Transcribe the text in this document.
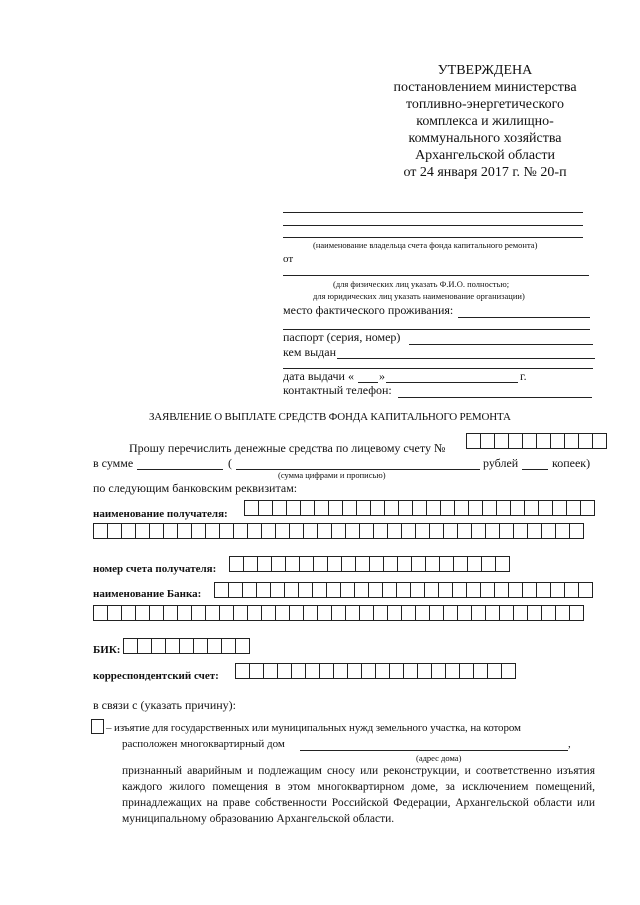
УТВЕРЖДЕНА
постановлением министерства
топливно-энергетического
комплекса и жилищно-
коммунального хозяйства
Архангельской области
от 24 января 2017 г. № 20-п
(наименование владельца счета фонда капитального ремонта)
от
(для физических лиц указать Ф.И.О. полностью;
для юридических лиц указать наименование организации)
место фактического проживания:
паспорт (серия, номер)
кем выдан
дата выдачи « »	г.
контактный телефон:
ЗАЯВЛЕНИЕ О ВЫПЛАТЕ СРЕДСТВ ФОНДА КАПИТАЛЬНОГО РЕМОНТА
Прошу перечислить денежные средства по лицевому счету №
в сумме	(	рублей	копеек)
(сумма цифрами и прописью)
по следующим банковским реквизитам:
наименование получателя:
номер счета получателя:
наименование Банка:
БИК:
корреспондентский счет:
в связи с (указать причину):
– изъятие для государственных или муниципальных нужд земельного участка, на котором
расположен многоквартирный дом	,
(адрес дома)
признанный аварийным и подлежащим сносу или реконструкции, и соответственно изъятия каждого жилого помещения в этом многоквартирном доме, за исключением помещений, принадлежащих на праве собственности Российской Федерации, Архангельской области или муниципальному образованию Архангельской области.
